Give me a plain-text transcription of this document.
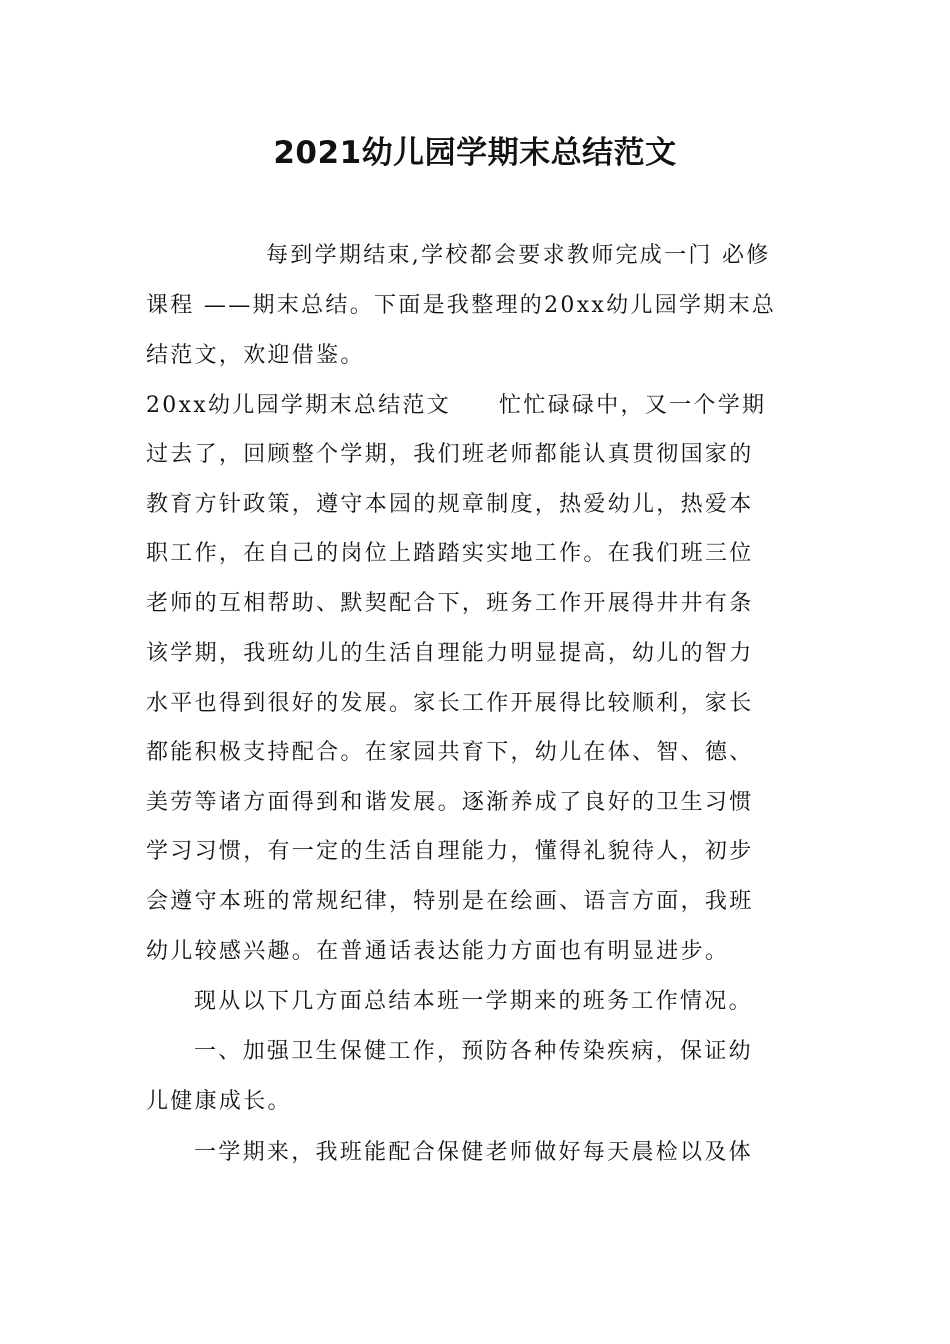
2021幼儿园学期末总结范文
每到学期结束,学校都会要求教师完成一门 必修
课程 ——期末总结。下面是我整理的20xx幼儿园学期末总
结范文，欢迎借鉴。
20xx幼儿园学期末总结范文 忙忙碌碌中，又一个学期
过去了，回顾整个学期，我们班老师都能认真贯彻国家的
教育方针政策，遵守本园的规章制度，热爱幼儿，热爱本
职工作，在自己的岗位上踏踏实实地工作。在我们班三位
老师的互相帮助、默契配合下，班务工作开展得井井有条
该学期，我班幼儿的生活自理能力明显提高，幼儿的智力
水平也得到很好的发展。家长工作开展得比较顺利，家长
都能积极支持配合。在家园共育下，幼儿在体、智、德、
美劳等诸方面得到和谐发展。逐渐养成了良好的卫生习惯
学习习惯，有一定的生活自理能力，懂得礼貌待人，初步
会遵守本班的常规纪律，特别是在绘画、语言方面，我班
幼儿较感兴趣。在普通话表达能力方面也有明显进步。
现从以下几方面总结本班一学期来的班务工作情况。
一、加强卫生保健工作，预防各种传染疾病，保证幼
儿健康成长。
一学期来，我班能配合保健老师做好每天晨检以及体
